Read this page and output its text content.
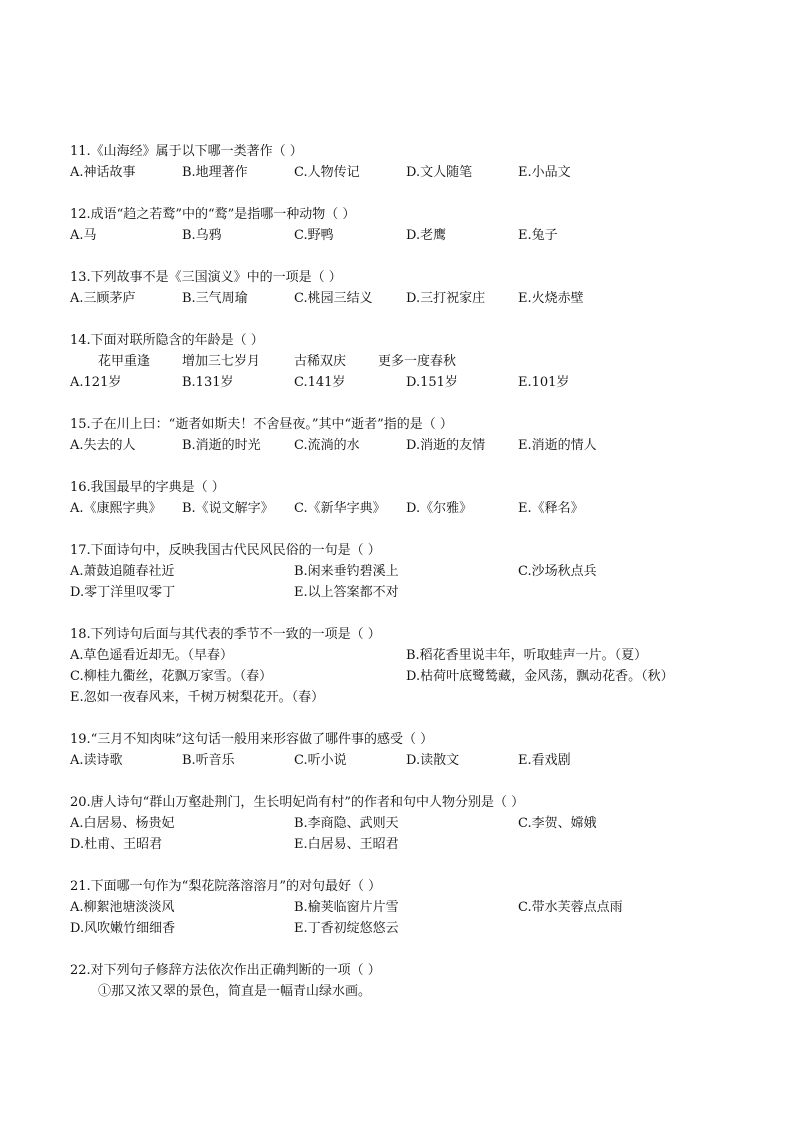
11.《山海经》属于以下哪一类著作（ ）
A.神话故事	B.地理著作	C.人物传记	D.文人随笔	E.小品文
12.成语“趋之若鹜”中的“鹜”是指哪一种动物（ ）
A.马	B.乌鸦	C.野鸭	D.老鹰	E.兔子
13.下列故事不是《三国演义》中的一项是（ ）
A.三顾茅庐	B.三气周瑜	C.桃园三结义	D.三打祝家庄	E.火烧赤壁
14.下面对联所隐含的年龄是（ ）
花甲重逢 增加三七岁月	古稀双庆 更多一度春秋
A.121岁	B.131岁	C.141岁	D.151岁	E.101岁
15.子在川上曰：“逝者如斯夫！不舍昼夜。”其中“逝者”指的是（ ）
A.失去的人	B.消逝的时光	C.流淌的水	D.消逝的友情	E.消逝的情人
16.我国最早的字典是（ ）
A.《康熙字典》 B.《说文解字》 C.《新华字典》 D.《尔雅》	E.《释名》
17.下面诗句中，反映我国古代民风民俗的一句是（ ）
A.萧鼓追随春社近	B.闲来垂钓碧溪上	C.沙场秋点兵
D.零丁洋里叹零丁	E.以上答案都不对
18.下列诗句后面与其代表的季节不一致的一项是（ ）
A.草色遥看近却无。（早春）	B.稻花香里说丰年，听取蛙声一片。（夏）
C.柳桂九衢丝，花飘万家雪。（春）	D.枯荷叶底鹭鸶藏，金风荡，飘动花香。（秋）
E.忽如一夜春风来，千树万树梨花开。（春）
19.“三月不知肉味”这句话一般用来形容做了哪件事的感受（ ）
A.读诗歌	B.听音乐	C.听小说	D.读散文	E.看戏剧
20.唐人诗句“群山万壑赴荆门，生长明妃尚有村”的作者和句中人物分别是（ ）
A.白居易、杨贵妃	B.李商隐、武则天	C.李贺、嫦娥
D.杜甫、王昭君	E.白居易、王昭君
21.下面哪一句作为“梨花院落溶溶月”的对句最好（ ）
A.柳絮池塘淡淡风	B.榆荚临窗片片雪	C.带水芙蓉点点雨
D.风吹嫩竹细细香	E.丁香初绽悠悠云
22.对下列句子修辞方法依次作出正确判断的一项（ ）
①那又浓又翠的景色，简直是一幅青山绿水画。
